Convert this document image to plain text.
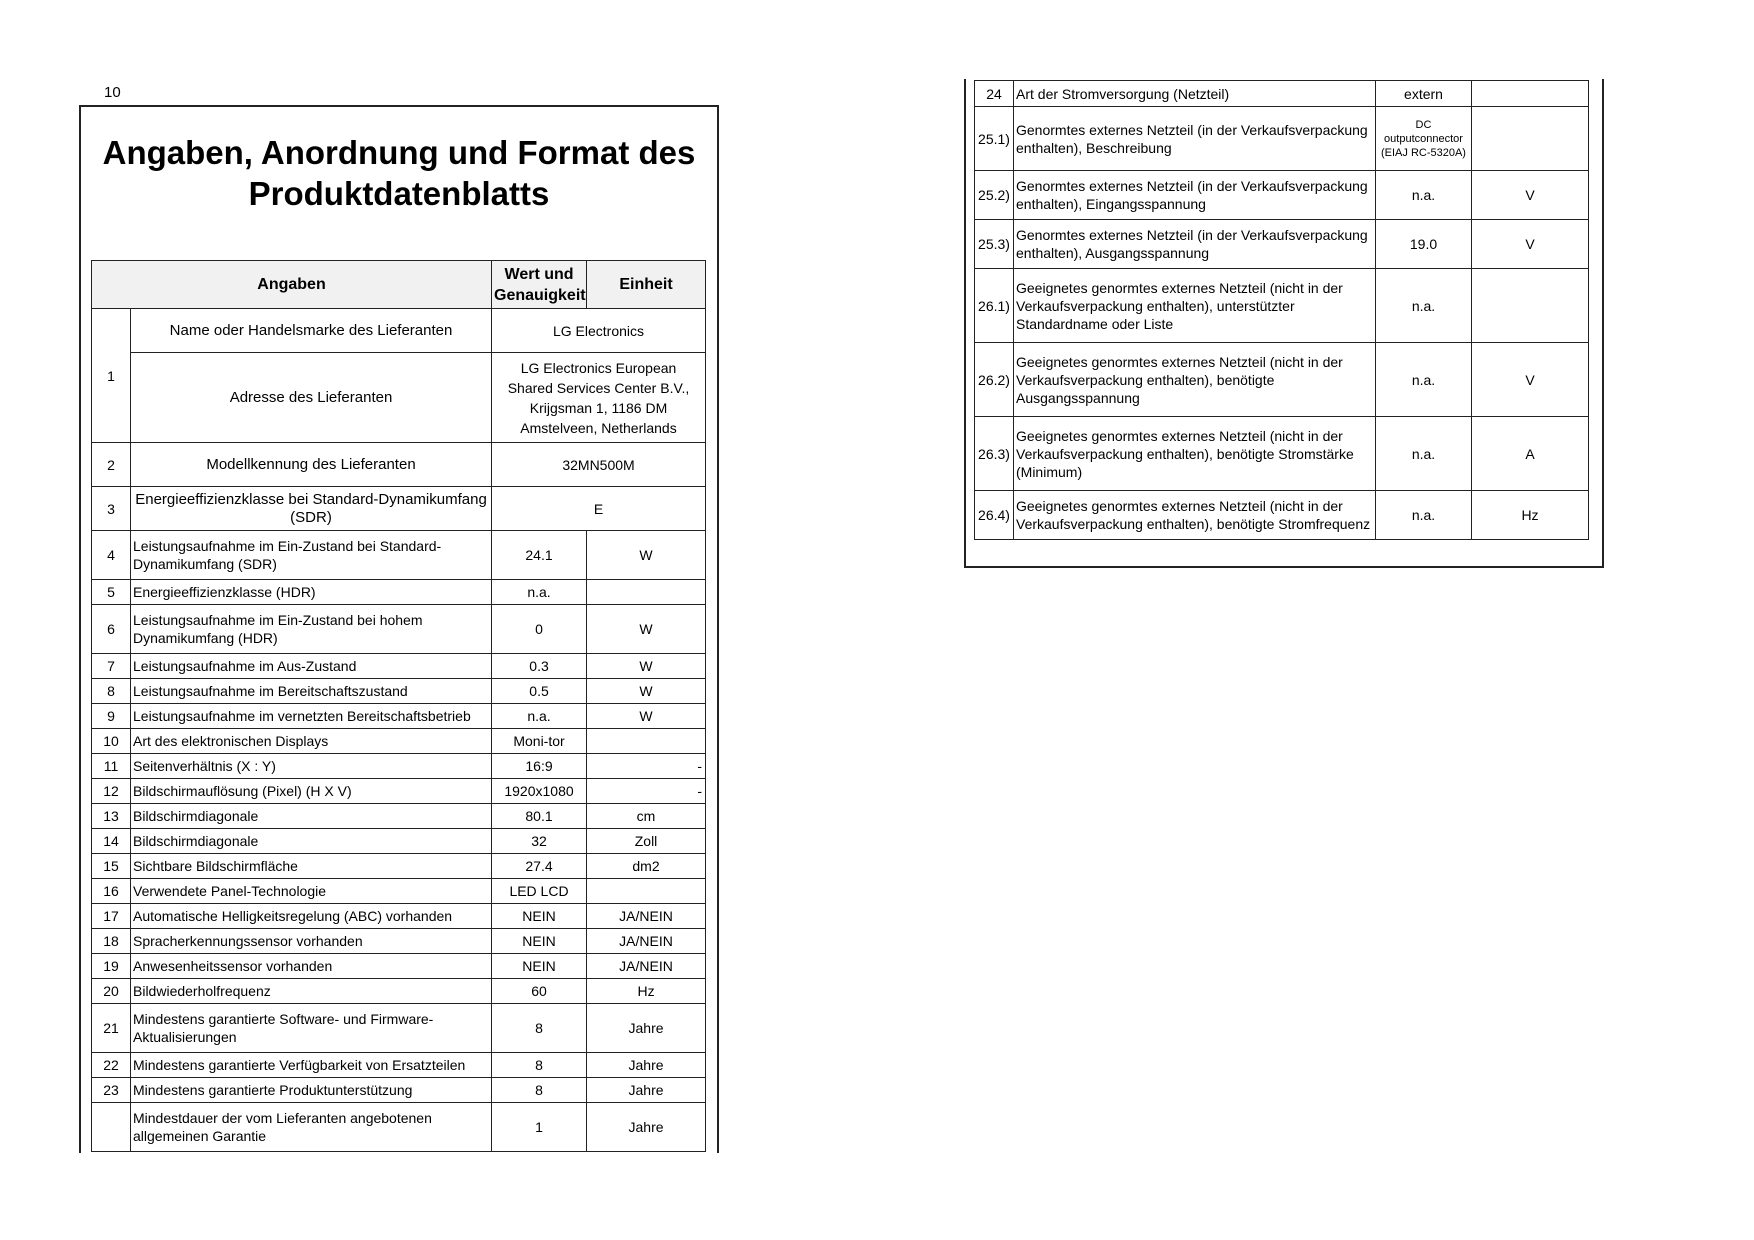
10
Angaben, Anordnung und Format des
Produktdatenblatts
Angaben		Wert und
Genauigkeit	Einheit
1	Name oder Handelsmarke des Lieferanten	LG Electronics	
	Adresse des Lieferanten	LG Electronics European Shared Services Center B.V., Krijgsman 1, 1186 DM Amstelveen, Netherlands	
2	Modellkennung des Lieferanten	32MN500M	
3	Energieeffizienzklasse bei Standard-Dynamikumfang (SDR)	E	
4	Leistungsaufnahme im Ein-Zustand bei Standard-Dynamikumfang (SDR)	24.1	W
5	Energieeffizienzklasse (HDR)	n.a.	
6	Leistungsaufnahme im Ein-Zustand bei hohem Dynamikumfang (HDR)	0	W
7	Leistungsaufnahme im Aus-Zustand	0.3	W
8	Leistungsaufnahme im Bereitschaftszustand	0.5	W
9	Leistungsaufnahme im vernetzten Bereitschaftsbetrieb	n.a.	W
10	Art des elektronischen Displays	Moni-tor	
11	Seitenverhältnis (X : Y)	16:9	-
12	Bildschirmauflösung (Pixel) (H X V)	1920x1080	-
13	Bildschirmdiagonale	80.1	cm
14	Bildschirmdiagonale	32	Zoll
15	Sichtbare Bildschirmfläche	27.4	dm2
16	Verwendete Panel-Technologie	LED LCD	
17	Automatische Helligkeitsregelung (ABC) vorhanden	NEIN	JA/NEIN
18	Spracherkennungssensor vorhanden	NEIN	JA/NEIN
19	Anwesenheitssensor vorhanden	NEIN	JA/NEIN
20	Bildwiederholfrequenz	60	Hz
21	Mindestens garantierte Software- und Firmware-Aktualisierungen	8	Jahre
22	Mindestens garantierte Verfügbarkeit von Ersatzteilen	8	Jahre
23	Mindestens garantierte Produktunterstützung	8	Jahre
	Mindestdauer der vom Lieferanten angebotenen allgemeinen Garantie	1	Jahre
24	Art der Stromversorgung (Netzteil)	extern	
25.1)	Genormtes externes Netzteil (in der Verkaufsverpackung enthalten), Beschreibung	DC outputconnector (EIAJ RC-5320A)	
25.2)	Genormtes externes Netzteil (in der Verkaufsverpackung enthalten), Eingangsspannung	n.a.	V
25.3)	Genormtes externes Netzteil (in der Verkaufsverpackung enthalten), Ausgangsspannung	19.0	V
26.1)	Geeignetes genormtes externes Netzteil (nicht in der Verkaufsverpackung enthalten), unterstützter Standardname oder Liste	n.a.	
26.2)	Geeignetes genormtes externes Netzteil (nicht in der Verkaufsverpackung enthalten), benötigte Ausgangsspannung	n.a.	V
26.3)	Geeignetes genormtes externes Netzteil (nicht in der Verkaufsverpackung enthalten), benötigte Stromstärke (Minimum)	n.a.	A
26.4)	Geeignetes genormtes externes Netzteil (nicht in der Verkaufsverpackung enthalten), benötigte Stromfrequenz	n.a.	Hz
